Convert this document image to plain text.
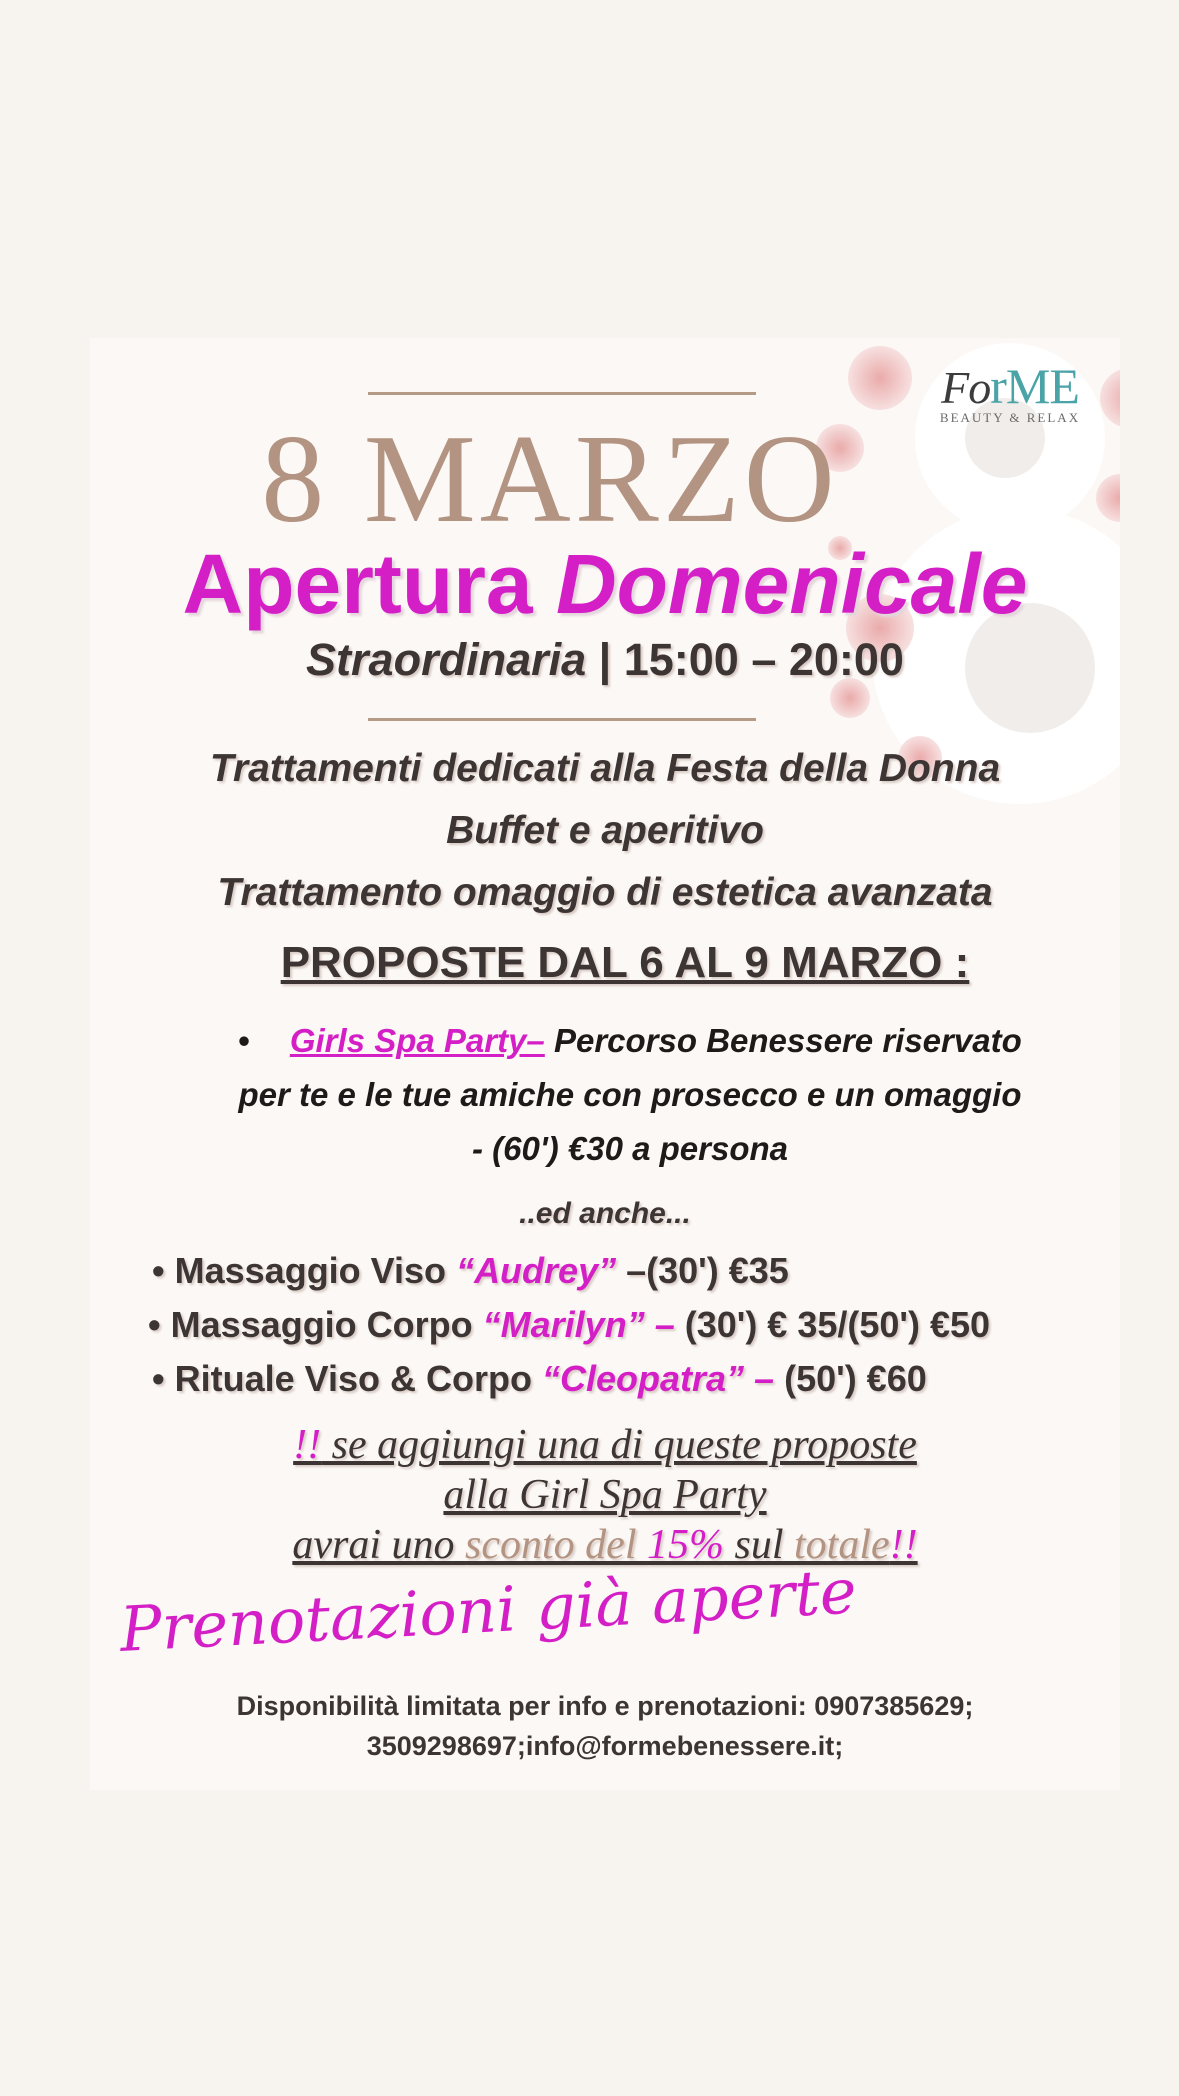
ForME
BEAUTY & RELAX
8 MARZO
Apertura Domenicale
Straordinaria | 15:00 – 20:00
Trattamenti dedicati alla Festa della Donna
Buffet e aperitivo
Trattamento omaggio di estetica avanzata
PROPOSTE DAL 6 AL 9 MARZO :
• Girls Spa Party– Percorso Benessere riservato
per te e le tue amiche con prosecco e un omaggio
- (60') €30 a persona
..ed anche...
• Massaggio Viso “Audrey” –(30') €35
• Massaggio Corpo “Marilyn” – (30') € 35/(50') €50
• Rituale Viso & Corpo “Cleopatra” – (50') €60
!! se aggiungi una di queste proposte
alla Girl Spa Party
avrai uno sconto del 15% sul totale!!
Prenotazioni già aperte
Disponibilità limitata per info e prenotazioni: 0907385629;
3509298697;info@formebenessere.it;
